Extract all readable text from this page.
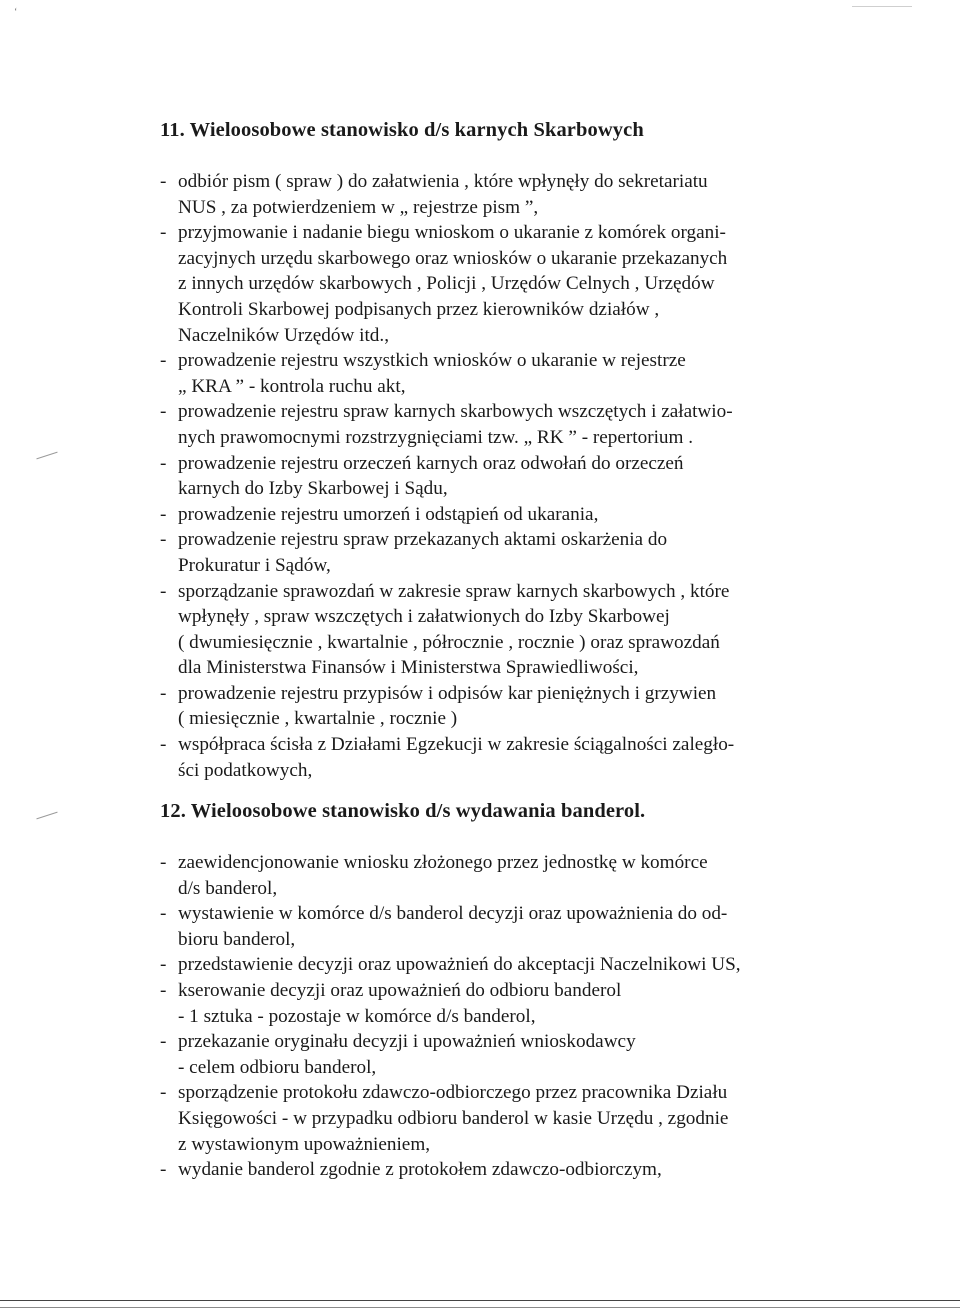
‘
11. Wieloosobowe stanowisko d/s karnych Skarbowych
- odbiór pism ( spraw ) do załatwienia , które wpłynęły do sekretariatu
NUS , za potwierdzeniem w „ rejestrze pism ”,
- przyjmowanie i nadanie biegu wnioskom o ukaranie z komórek organi-
zacyjnych urzędu skarbowego oraz wniosków o ukaranie przekazanych
z innych urzędów skarbowych , Policji , Urzędów Celnych , Urzędów
Kontroli Skarbowej podpisanych przez kierowników działów ,
Naczelników Urzędów itd.,
- prowadzenie rejestru wszystkich wniosków o ukaranie w rejestrze
„ KRA ” - kontrola ruchu akt,
- prowadzenie rejestru spraw karnych skarbowych wszczętych i załatwio-
nych prawomocnymi rozstrzygnięciami tzw. „ RK ” - repertorium .
- prowadzenie rejestru orzeczeń karnych oraz odwołań do orzeczeń
karnych do Izby Skarbowej i Sądu,
- prowadzenie rejestru umorzeń i odstąpień od ukarania,
- prowadzenie rejestru spraw przekazanych aktami oskarżenia do
Prokuratur i Sądów,
- sporządzanie sprawozdań w zakresie spraw karnych skarbowych , które
wpłynęły , spraw wszczętych i załatwionych do Izby Skarbowej
( dwumiesięcznie , kwartalnie , półrocznie , rocznie ) oraz sprawozdań
dla Ministerstwa Finansów i Ministerstwa Sprawiedliwości,
- prowadzenie rejestru przypisów i odpisów kar pieniężnych i grzywien
( miesięcznie , kwartalnie , rocznie )
- współpraca ścisła z Działami Egzekucji w zakresie ściągalności zaległo-
ści podatkowych,
12. Wieloosobowe stanowisko d/s wydawania banderol.
- zaewidencjonowanie wniosku złożonego przez jednostkę w komórce
d/s banderol,
- wystawienie w komórce d/s banderol decyzji oraz upoważnienia do od-
bioru banderol,
- przedstawienie decyzji oraz upoważnień do akceptacji Naczelnikowi US,
- kserowanie decyzji oraz upoważnień do odbioru banderol
- 1 sztuka - pozostaje w komórce d/s banderol,
- przekazanie oryginału decyzji i upoważnień wnioskodawcy
- celem odbioru banderol,
- sporządzenie protokołu zdawczo-odbiorczego przez pracownika Działu
Księgowości - w przypadku odbioru banderol w kasie Urzędu , zgodnie
z wystawionym upoważnieniem,
- wydanie banderol zgodnie z protokołem zdawczo-odbiorczym,
